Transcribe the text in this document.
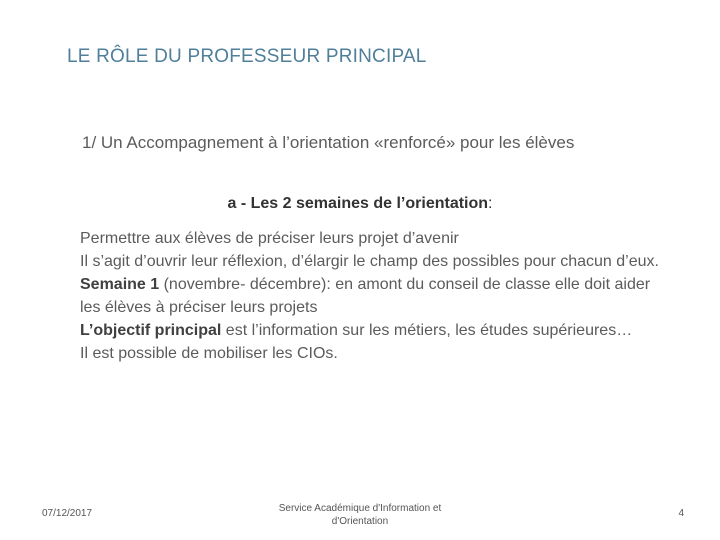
LE RÔLE DU PROFESSEUR PRINCIPAL
1/ Un Accompagnement à l’orientation «renforcé» pour les élèves
a - Les 2 semaines de l’orientation:

Permettre aux élèves de préciser leurs projet d’avenir

Il s’agit d’ouvrir leur réflexion, d’élargir le champ des possibles pour chacun d’eux.

Semaine 1 (novembre- décembre): en amont du conseil de classe elle doit aider les élèves à préciser leurs projets

L’objectif principal est l’information sur les métiers, les études supérieures…

Il est possible de mobiliser les CIOs.

07/12/2017	Service Académique d'Information et d'Orientation
4
